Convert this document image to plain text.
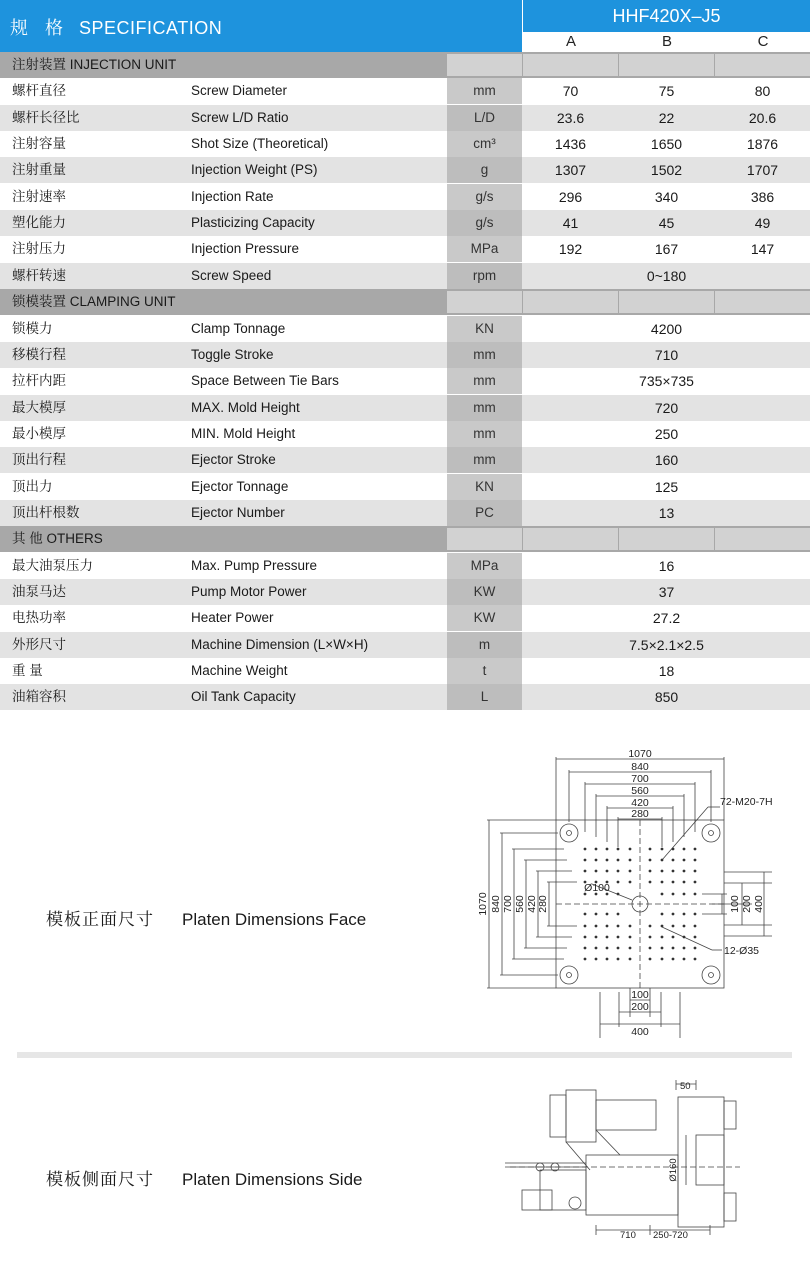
规 格 SPECIFICATION
HHF420X–J5
A	B	C
注射装置 INJECTION UNIT
螺杆直径	Screw Diameter	mm	70	75	80
螺杆长径比	Screw L/D Ratio	L/D	23.6	22	20.6
注射容量	Shot Size (Theoretical)	cm³	1436	1650	1876
注射重量	Injection Weight (PS)	g	1307	1502	1707
注射速率	Injection Rate	g/s	296	340	386
塑化能力	Plasticizing Capacity	g/s	41	45	49
注射压力	Injection Pressure	MPa	192	167	147
螺杆转速	Screw Speed	rpm	0~180
锁模装置 CLAMPING UNIT
锁模力	Clamp Tonnage	KN	4200
移模行程	Toggle Stroke	mm	710
拉杆内距	Space Between Tie Bars	mm	735×735
最大模厚	MAX. Mold Height	mm	720
最小模厚	MIN. Mold Height	mm	250
顶出行程	Ejector Stroke	mm	160
顶出力	Ejector Tonnage	KN	125
顶出杆根数	Ejector Number	PC	13
其 他 OTHERS
最大油泵压力	Max. Pump Pressure	MPa	16
油泵马达	Pump Motor Power	KW	37
电热功率	Heater Power	KW	27.2
外形尺寸	Machine Dimension (L×W×H)	m	7.5×2.1×2.5
重 量	Machine Weight	t	18
油箱容积	Oil Tank Capacity	L	850
模板正面尺寸 Platen Dimensions Face
1070
840
700
560
420
280
1070 840 700 560 420 280	100 200 400
100
200
400
Ø100
72-M20-7H
12-Ø35
模板侧面尺寸 Platen Dimensions Side
50
Ø160
710 250-720
